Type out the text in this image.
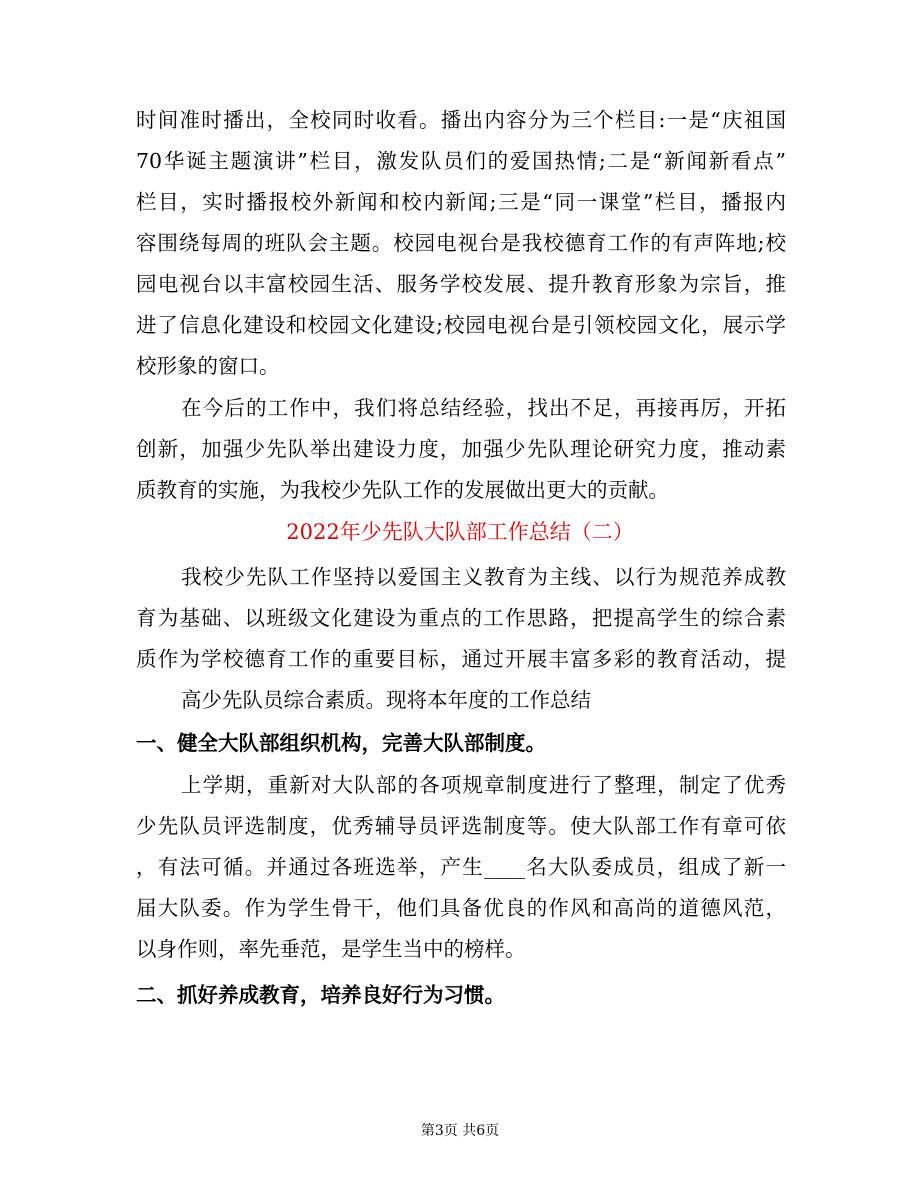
时间准时播出，全校同时收看。播出内容分为三个栏目:一是“庆祖国
70华诞主题演讲”栏目，激发队员们的爱国热情;二是“新闻新看点”
栏目，实时播报校外新闻和校内新闻;三是“同一课堂”栏目，播报内
容围绕每周的班队会主题。校园电视台是我校德育工作的有声阵地;校
园电视台以丰富校园生活、服务学校发展、提升教育形象为宗旨，推
进了信息化建设和校园文化建设;校园电视台是引领校园文化，展示学
校形象的窗口。
在今后的工作中，我们将总结经验，找出不足，再接再厉，开拓
创新，加强少先队举出建设力度，加强少先队理论研究力度，推动素
质教育的实施，为我校少先队工作的发展做出更大的贡献。
2022年少先队大队部工作总结（二）
我校少先队工作坚持以爱国主义教育为主线、以行为规范养成教
育为基础、以班级文化建设为重点的工作思路，把提高学生的综合素
质作为学校德育工作的重要目标，通过开展丰富多彩的教育活动，提
高少先队员综合素质。现将本年度的工作总结
一、健全大队部组织机构，完善大队部制度。
上学期，重新对大队部的各项规章制度进行了整理，制定了优秀
少先队员评选制度，优秀辅导员评选制度等。使大队部工作有章可依
，有法可循。并通过各班选举，产生____名大队委成员，组成了新一
届大队委。作为学生骨干，他们具备优良的作风和高尚的道德风范，
以身作则，率先垂范，是学生当中的榜样。
二、抓好养成教育，培养良好行为习惯。
第3页 共6页
